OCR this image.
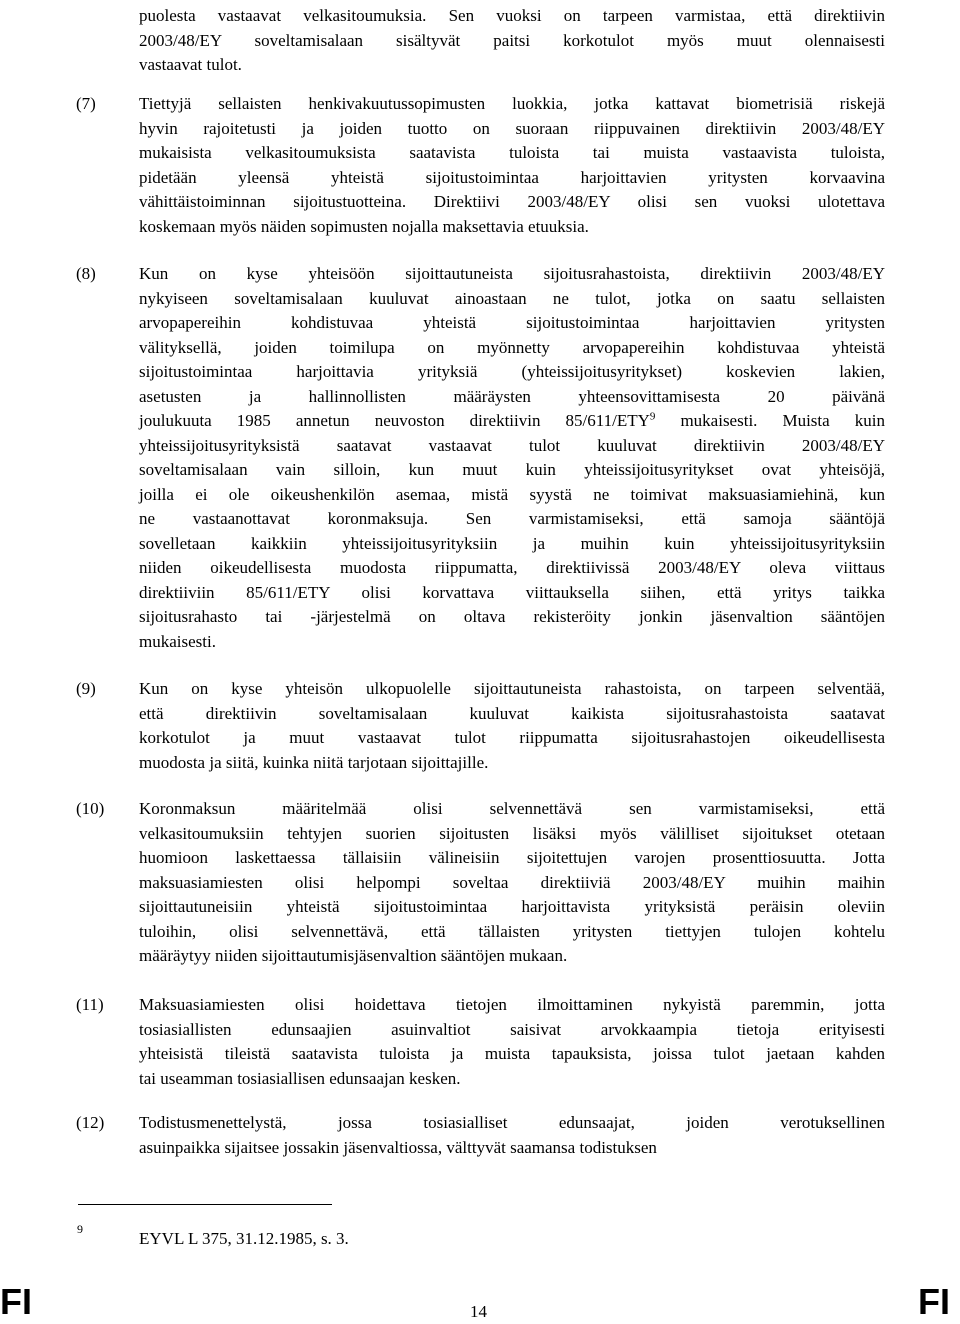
puolesta vastaavat velkasitoumuksia. Sen vuoksi on tarpeen varmistaa, että direktiivin
2003/48/EY soveltamisalaan sisältyvät paitsi korkotulot myös muut olennaisesti
vastaavat tulot.
(7)	Tiettyjä sellaisten henkivakuutussopimusten luokkia, jotka kattavat biometrisiä riskejä
hyvin rajoitetusti ja joiden tuotto on suoraan riippuvainen direktiivin 2003/48/EY
mukaisista velkasitoumuksista saatavista tuloista tai muista vastaavista tuloista,
pidetään yleensä yhteistä sijoitustoimintaa harjoittavien yritysten korvaavina
vähittäistoiminnan sijoitustuotteina. Direktiivi 2003/48/EY olisi sen vuoksi ulotettava
koskemaan myös näiden sopimusten nojalla maksettavia etuuksia.
(8)	Kun on kyse yhteisöön sijoittautuneista sijoitusrahastoista, direktiivin 2003/48/EY
nykyiseen soveltamisalaan kuuluvat ainoastaan ne tulot, jotka on saatu sellaisten
arvopapereihin kohdistuvaa yhteistä sijoitustoimintaa harjoittavien yritysten
välityksellä, joiden toimilupa on myönnetty arvopapereihin kohdistuvaa yhteistä
sijoitustoimintaa harjoittavia yrityksiä (yhteissijoitusyritykset) koskevien lakien,
asetusten ja hallinnollisten määräysten yhteensovittamisesta 20 päivänä
joulukuuta 1985 annetun neuvoston direktiivin 85/611/ETY$^9$ mukaisesti. Muista kuin
yhteissijoitusyrityksistä saatavat vastaavat tulot kuuluvat direktiivin 2003/48/EY
soveltamisalaan vain silloin, kun muut kuin yhteissijoitusyritykset ovat yhteisöjä,
joilla ei ole oikeushenkilön asemaa, mistä syystä ne toimivat maksuasiamiehinä, kun
ne vastaanottavat koronmaksuja. Sen varmistamiseksi, että samoja sääntöjä
sovelletaan kaikkiin yhteissijoitusyrityksiin ja muihin kuin yhteissijoitusyrityksiin
niiden oikeudellisesta muodosta riippumatta, direktiivissä 2003/48/EY oleva viittaus
direktiiviin 85/611/ETY olisi korvattava viittauksella siihen, että yritys taikka
sijoitusrahasto tai -järjestelmä on oltava rekisteröity jonkin jäsenvaltion sääntöjen
mukaisesti.
(9)	Kun on kyse yhteisön ulkopuolelle sijoittautuneista rahastoista, on tarpeen selventää,
että direktiivin soveltamisalaan kuuluvat kaikista sijoitusrahastoista saatavat
korkotulot ja muut vastaavat tulot riippumatta sijoitusrahastojen oikeudellisesta
muodosta ja siitä, kuinka niitä tarjotaan sijoittajille.
(10) Koronmaksun määritelmää olisi selvennettävä sen varmistamiseksi, että
velkasitoumuksiin tehtyjen suorien sijoitusten lisäksi myös välilliset sijoitukset otetaan
huomioon laskettaessa tällaisiin välineisiin sijoitettujen varojen prosenttiosuutta. Jotta
maksuasiamiesten olisi helpompi soveltaa direktiiviä 2003/48/EY muihin maihin
sijoittautuneisiin yhteistä sijoitustoimintaa harjoittavista yrityksistä peräisin oleviin
tuloihin, olisi selvennettävä, että tällaisten yritysten tiettyjen tulojen kohtelu
määräytyy niiden sijoittautumisjäsenvaltion sääntöjen mukaan.
(11) Maksuasiamiesten olisi hoidettava tietojen ilmoittaminen nykyistä paremmin, jotta
tosiasiallisten edunsaajien asuinvaltiot saisivat arvokkaampia tietoja erityisesti
yhteisistä tileistä saatavista tuloista ja muista tapauksista, joissa tulot jaetaan kahden
tai useamman tosiasiallisen edunsaajan kesken.
(12) Todistusmenettelystä, jossa tosiasialliset edunsaajat, joiden verotuksellinen
asuinpaikka sijaitsee jossakin jäsenvaltiossa, välttyvät saamansa todistuksen
9	EYVL L 375, 31.12.1985, s. 3.
FI	14	FI
